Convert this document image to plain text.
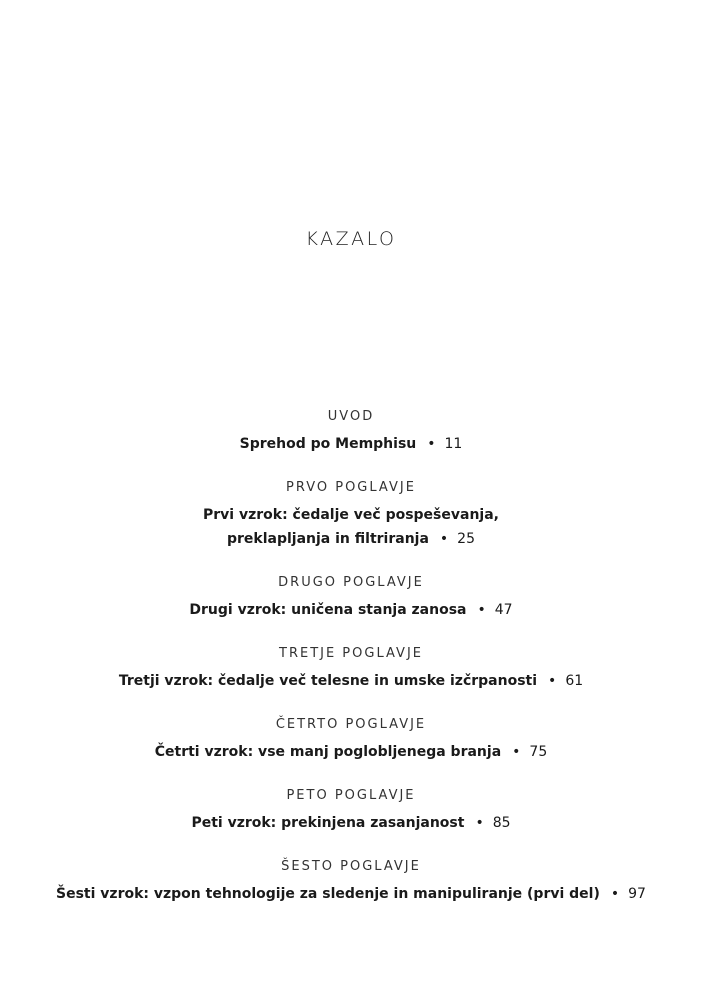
KAZALO
UVOD
Sprehod po Memphisu • 11
PRVO POGLAVJE
Prvi vzrok: čedalje več pospeševanja,
preklapljanja in filtriranja • 25
DRUGO POGLAVJE
Drugi vzrok: uničena stanja zanosa • 47
TRETJE POGLAVJE
Tretji vzrok: čedalje več telesne in umske izčrpanosti • 61
ČETRTO POGLAVJE
Četrti vzrok: vse manj poglobljenega branja • 75
PETO POGLAVJE
Peti vzrok: prekinjena zasanjanost • 85
ŠESTO POGLAVJE
Šesti vzrok: vzpon tehnologije za sledenje in manipuliranje (prvi del) • 97
